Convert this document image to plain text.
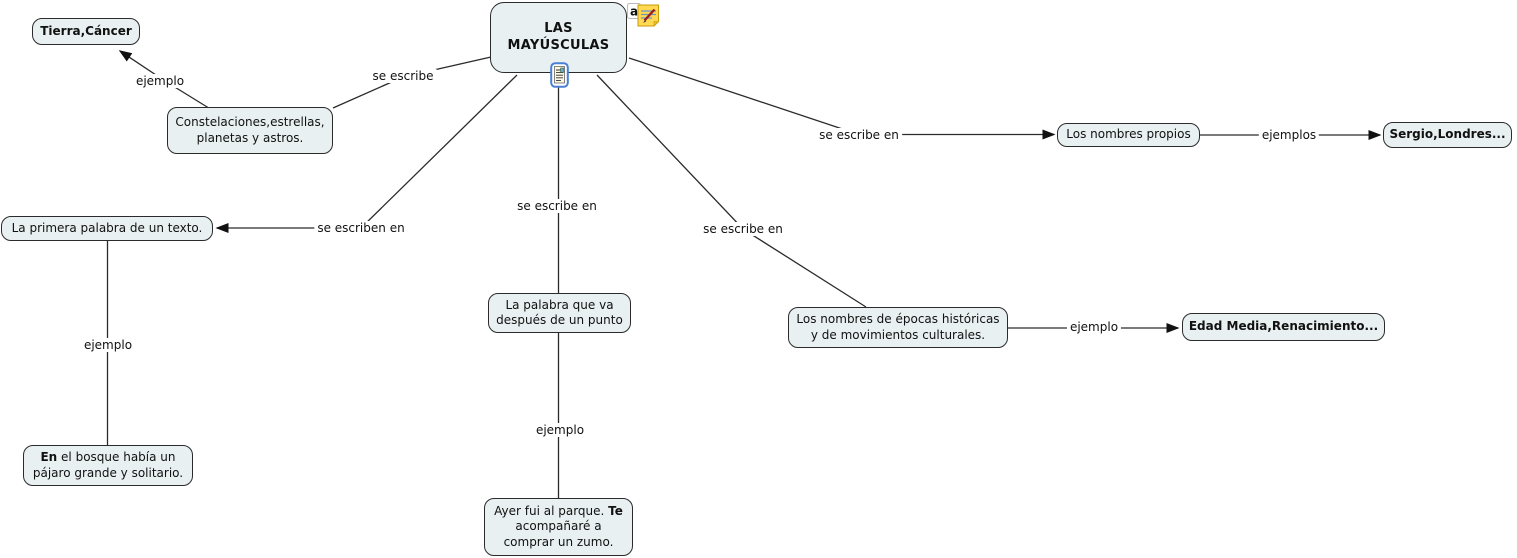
ejemplo	se escribe
se escriben en
ejemplo
se escribe en
ejemplo
se escribe en	ejemplos
se escribe en
ejemplo
LAS MAYÚSCULAS
Tierra,Cáncer
Constelaciones,estrellas, planetas y astros.
La primera palabra de un texto.
En el bosque había un pájaro grande y solitario.
La palabra que va después de un punto
Ayer fui al parque. Te acompañaré a comprar un zumo.
Los nombres propios	Sergio,Londres...
Los nombres de épocas históricas y de movimientos culturales.
Edad Media,Renacimiento...
a
